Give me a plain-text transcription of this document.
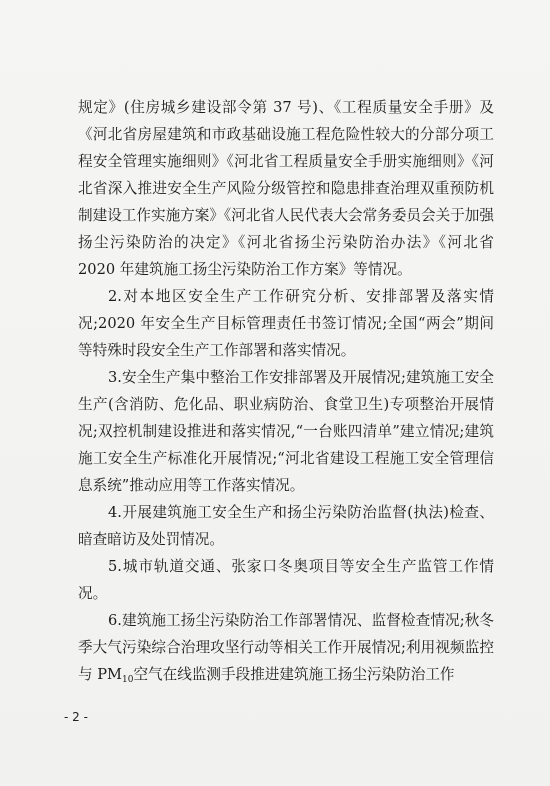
规定》(住房城乡建设部令第 37 号)、《工程质量安全手册》及《河北省房屋建筑和市政基础设施工程危险性较大的分部分项工程安全管理实施细则》《河北省工程质量安全手册实施细则》《河北省深入推进安全生产风险分级管控和隐患排查治理双重预防机制建设工作实施方案》《河北省人民代表大会常务委员会关于加强扬尘污染防治的决定》《河北省扬尘污染防治办法》《河北省 2020 年建筑施工扬尘污染防治工作方案》等情况。

2.对本地区安全生产工作研究分析、安排部署及落实情况;2020 年安全生产目标管理责任书签订情况;全国“两会”期间等特殊时段安全生产工作部署和落实情况。

3.安全生产集中整治工作安排部署及开展情况;建筑施工安全生产(含消防、危化品、职业病防治、食堂卫生)专项整治开展情况;双控机制建设推进和落实情况,“一台账四清单”建立情况;建筑施工安全生产标准化开展情况;“河北省建设工程施工安全管理信息系统”推动应用等工作落实情况。

4.开展建筑施工安全生产和扬尘污染防治监督(执法)检查、暗查暗访及处罚情况。

5.城市轨道交通、张家口冬奥项目等安全生产监管工作情况。

6.建筑施工扬尘污染防治工作部署情况、监督检查情况;秋冬季大气污染综合治理攻坚行动等相关工作开展情况;利用视频监控与 $PM_{10}$空气在线监测手段推进建筑施工扬尘污染防治工作

- 2 -
